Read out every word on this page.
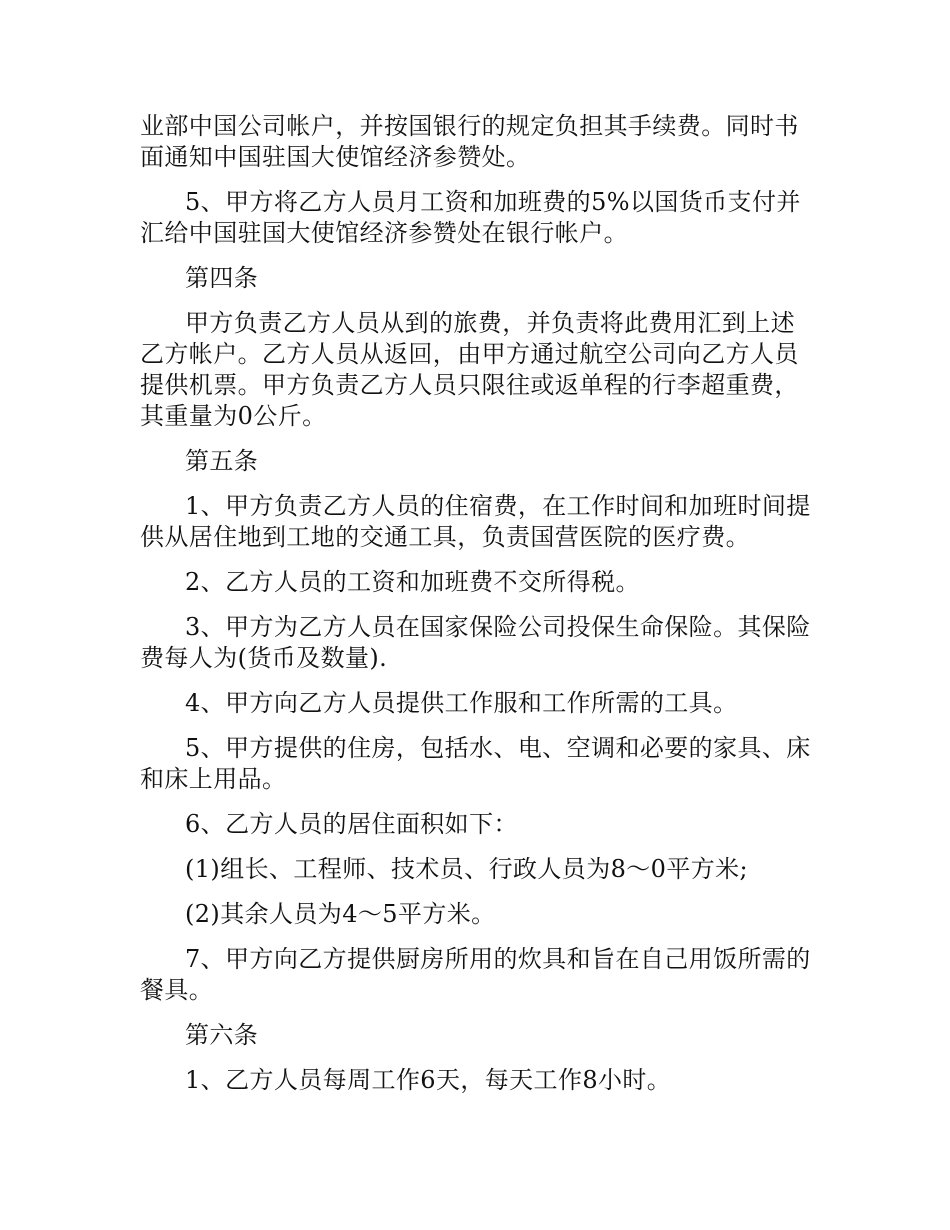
业部中国公司帐户，并按国银行的规定负担其手续费。同时书面通知中国驻国大使馆经济参赞处。

5、甲方将乙方人员月工资和加班费的5%以国货币支付并汇给中国驻国大使馆经济参赞处在银行帐户。

第四条

甲方负责乙方人员从到的旅费，并负责将此费用汇到上述乙方帐户。乙方人员从返回，由甲方通过航空公司向乙方人员提供机票。甲方负责乙方人员只限往或返单程的行李超重费，其重量为0公斤。

第五条

1、甲方负责乙方人员的住宿费，在工作时间和加班时间提供从居住地到工地的交通工具，负责国营医院的医疗费。

2、乙方人员的工资和加班费不交所得税。

3、甲方为乙方人员在国家保险公司投保生命保险。其保险费每人为(货币及数量).

4、甲方向乙方人员提供工作服和工作所需的工具。

5、甲方提供的住房，包括水、电、空调和必要的家具、床和床上用品。

6、乙方人员的居住面积如下：

(1)组长、工程师、技术员、行政人员为8～0平方米;

(2)其余人员为4～5平方米。

7、甲方向乙方提供厨房所用的炊具和旨在自己用饭所需的餐具。

第六条

1、乙方人员每周工作6天，每天工作8小时。
